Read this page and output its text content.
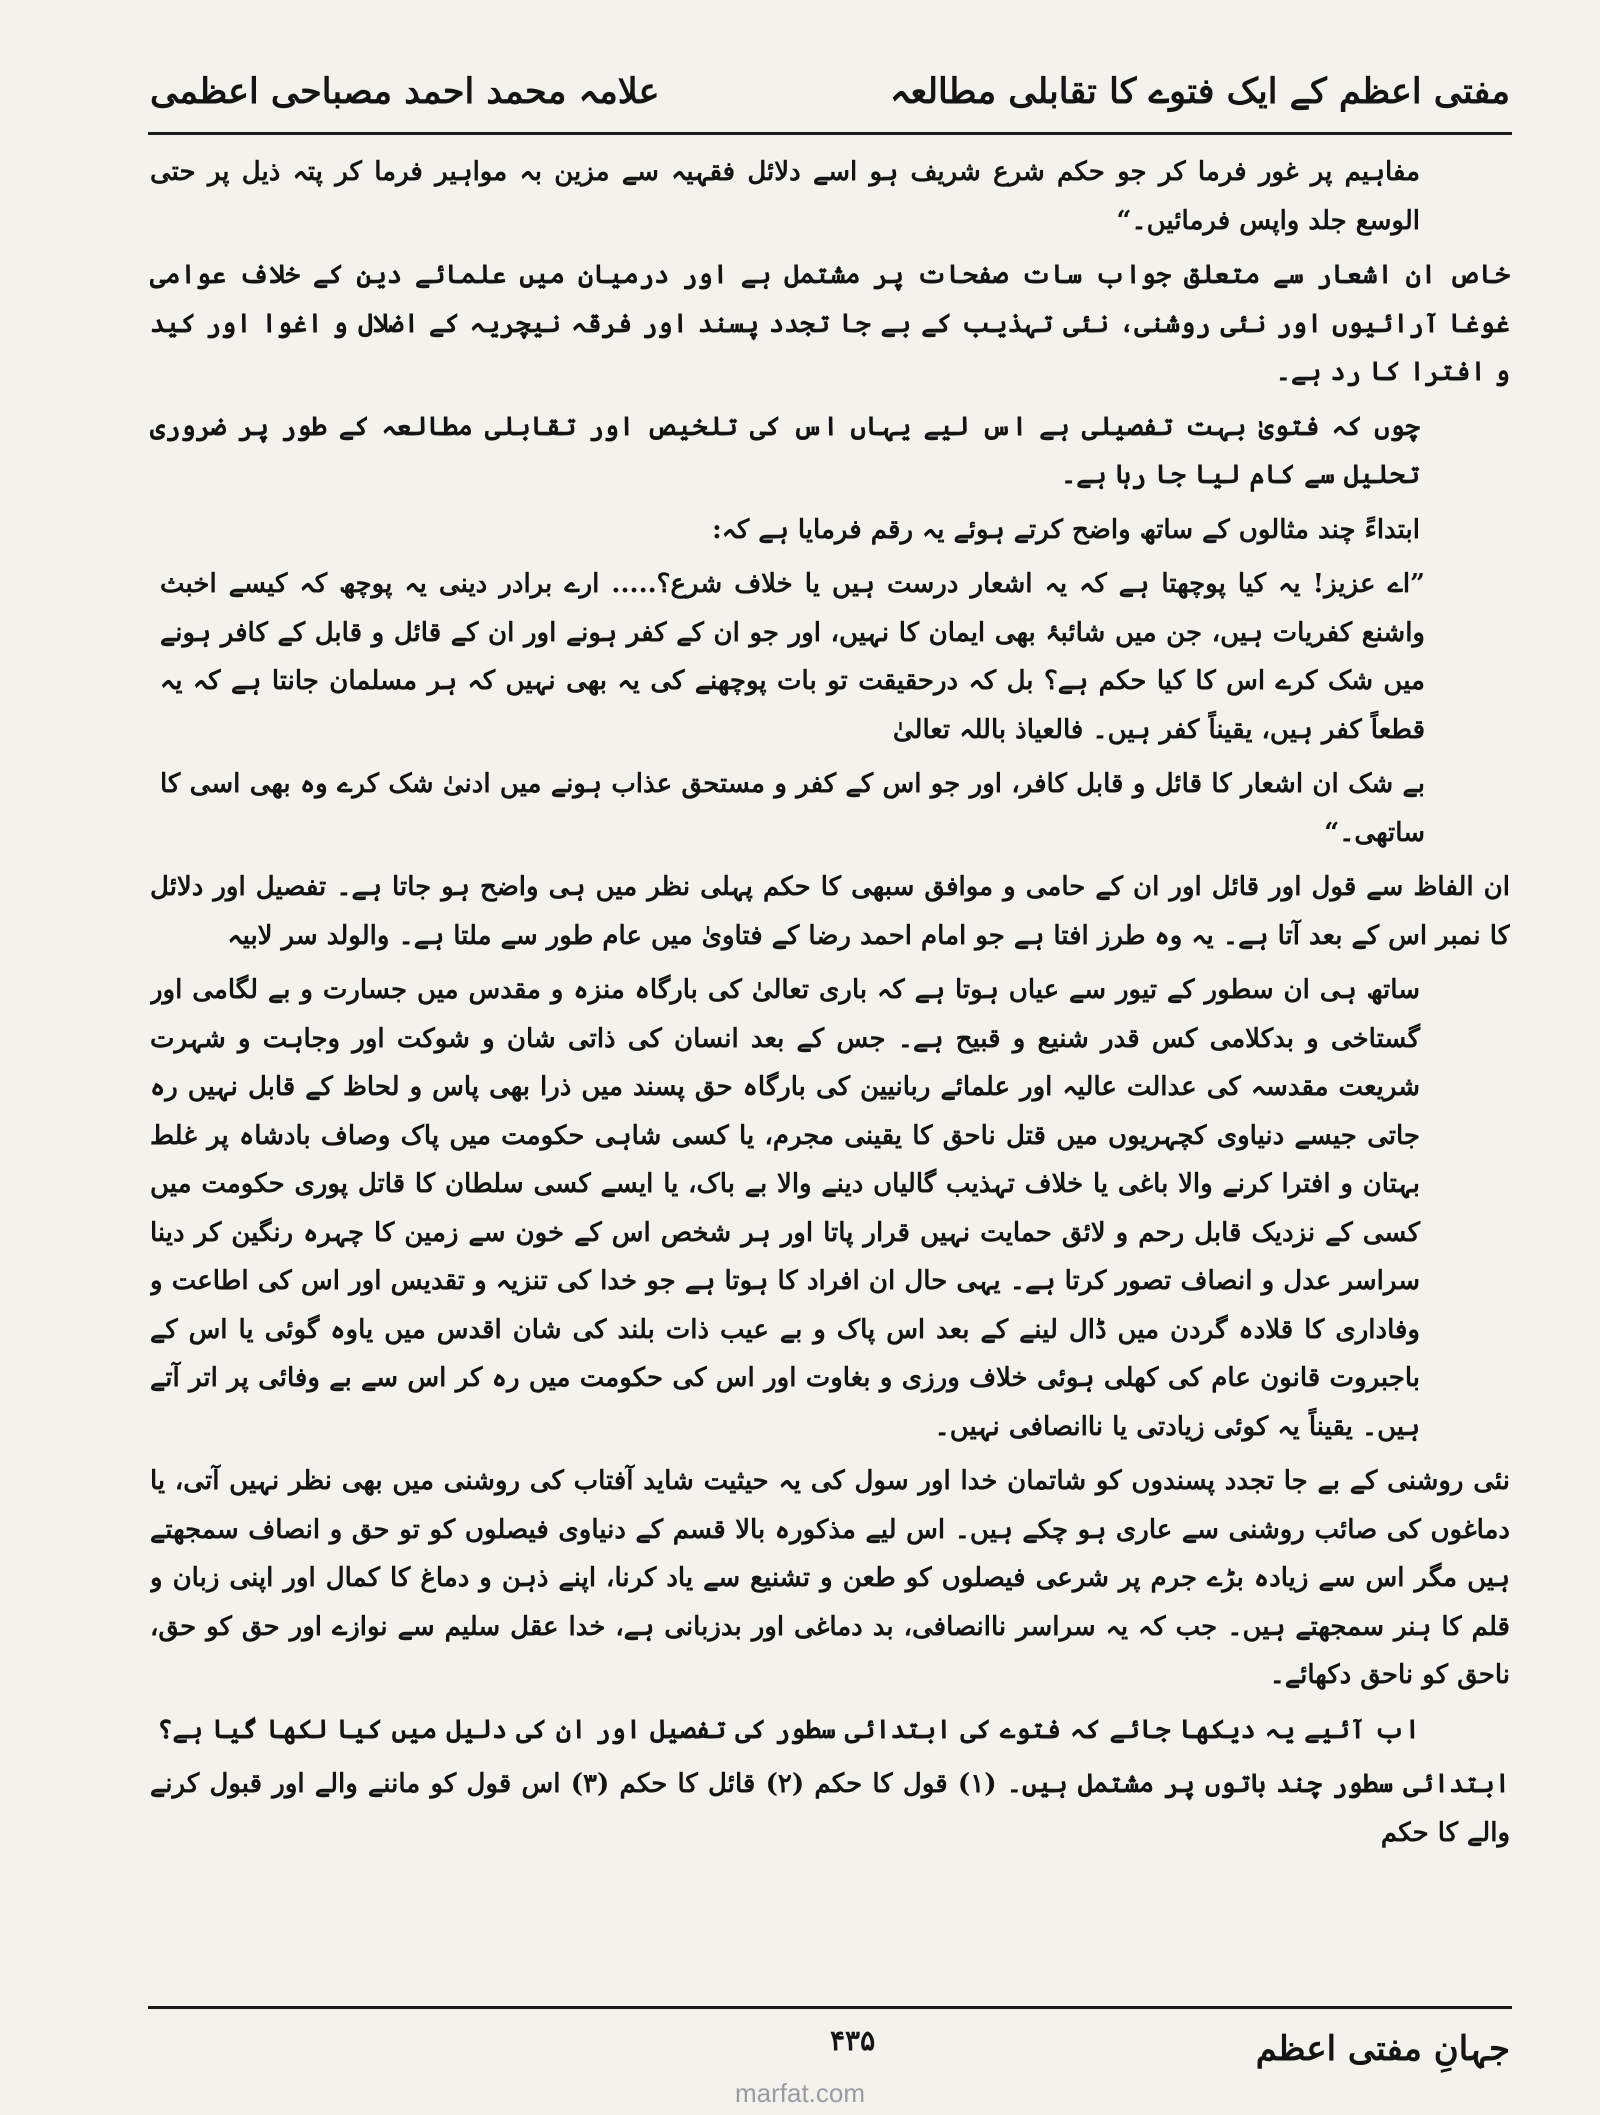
مفتی اعظم کے ایک فتوے کا تقابلی مطالعہ
علامہ محمد احمد مصباحی اعظمی

مفاہیم پر غور فرما کر جو حکم شرع شریف ہو اسے دلائل فقہیہ سے مزین بہ مواہیر فرما کر پتہ ذیل پر حتی الوسع جلد واپس فرمائیں۔“

خاص ان اشعار سے متعلق جواب سات صفحات پر مشتمل ہے اور درمیان میں علمائے دین کے خلاف عوامی غوغا آرائیوں اور نئی روشنی، نئی تہذیب کے بے جا تجدد پسند اور فرقہ نیچریہ کے اضلال و اغوا اور کید و افترا کا رد ہے۔

چوں کہ فتویٰ بہت تفصیلی ہے اس لیے یہاں اس کی تلخیص اور تقابلی مطالعہ کے طور پر ضروری تحلیل سے کام لیا جا رہا ہے۔

ابتداءً چند مثالوں کے ساتھ واضح کرتے ہوئے یہ رقم فرمایا ہے کہ:

”اے عزیز! یہ کیا پوچھتا ہے کہ یہ اشعار درست ہیں یا خلاف شرع؟..... ارے برادر دینی یہ پوچھ کہ کیسے اخبث واشنع کفریات ہیں، جن میں شائبۂ بھی ایمان کا نہیں، اور جو ان کے کفر ہونے اور ان کے قائل و قابل کے کافر ہونے میں شک کرے اس کا کیا حکم ہے؟ بل کہ درحقیقت تو بات پوچھنے کی یہ بھی نہیں کہ ہر مسلمان جانتا ہے کہ یہ قطعاً کفر ہیں، یقیناً کفر ہیں۔ فالعیاذ باللہ تعالیٰ

بے شک ان اشعار کا قائل و قابل کافر، اور جو اس کے کفر و مستحق عذاب ہونے میں ادنیٰ شک کرے وہ بھی اسی کا ساتھی۔“

ان الفاظ سے قول اور قائل اور ان کے حامی و موافق سبھی کا حکم پہلی نظر میں ہی واضح ہو جاتا ہے۔ تفصیل اور دلائل کا نمبر اس کے بعد آتا ہے۔ یہ وہ طرز افتا ہے جو امام احمد رضا کے فتاویٰ میں عام طور سے ملتا ہے۔ والولد سر لابیہ

ساتھ ہی ان سطور کے تیور سے عیاں ہوتا ہے کہ باری تعالیٰ کی بارگاہ منزہ و مقدس میں جسارت و بے لگامی اور گستاخی و بدکلامی کس قدر شنیع و قبیح ہے۔ جس کے بعد انسان کی ذاتی شان و شوکت اور وجاہت و شہرت شریعت مقدسہ کی عدالت عالیہ اور علمائے ربانیین کی بارگاہ حق پسند میں ذرا بھی پاس و لحاظ کے قابل نہیں رہ جاتی جیسے دنیاوی کچہریوں میں قتل ناحق کا یقینی مجرم، یا کسی شاہی حکومت میں پاک وصاف بادشاہ پر غلط بہتان و افترا کرنے والا باغی یا خلاف تہذیب گالیاں دینے والا بے باک، یا ایسے کسی سلطان کا قاتل پوری حکومت میں کسی کے نزدیک قابل رحم و لائق حمایت نہیں قرار پاتا اور ہر شخص اس کے خون سے زمین کا چہرہ رنگین کر دینا سراسر عدل و انصاف تصور کرتا ہے۔ یہی حال ان افراد کا ہوتا ہے جو خدا کی تنزیہ و تقدیس اور اس کی اطاعت و وفاداری کا قلادہ گردن میں ڈال لینے کے بعد اس پاک و بے عیب ذات بلند کی شان اقدس میں یاوہ گوئی یا اس کے باجبروت قانون عام کی کھلی ہوئی خلاف ورزی و بغاوت اور اس کی حکومت میں رہ کر اس سے بے وفائی پر اتر آتے ہیں۔ یقیناً یہ کوئی زیادتی یا ناانصافی نہیں۔

نئی روشنی کے بے جا تجدد پسندوں کو شاتمان خدا اور سول کی یہ حیثیت شاید آفتاب کی روشنی میں بھی نظر نہیں آتی، یا دماغوں کی صائب روشنی سے عاری ہو چکے ہیں۔ اس لیے مذکورہ بالا قسم کے دنیاوی فیصلوں کو تو حق و انصاف سمجھتے ہیں مگر اس سے زیادہ بڑے جرم پر شرعی فیصلوں کو طعن و تشنیع سے یاد کرنا، اپنے ذہن و دماغ کا کمال اور اپنی زبان و قلم کا ہنر سمجھتے ہیں۔ جب کہ یہ سراسر ناانصافی، بد دماغی اور بدزبانی ہے، خدا عقل سلیم سے نوازے اور حق کو حق، ناحق کو ناحق دکھائے۔

اب آئیے یہ دیکھا جائے کہ فتوے کی ابتدائی سطور کی تفصیل اور ان کی دلیل میں کیا لکھا گیا ہے؟

ابتدائی سطور چند باتوں پر مشتمل ہیں۔ (۱) قول کا حکم (۲) قائل کا حکم (۳) اس قول کو ماننے والے اور قبول کرنے والے کا حکم

جہانِ مفتی اعظم
۴۳۵
marfat.com
